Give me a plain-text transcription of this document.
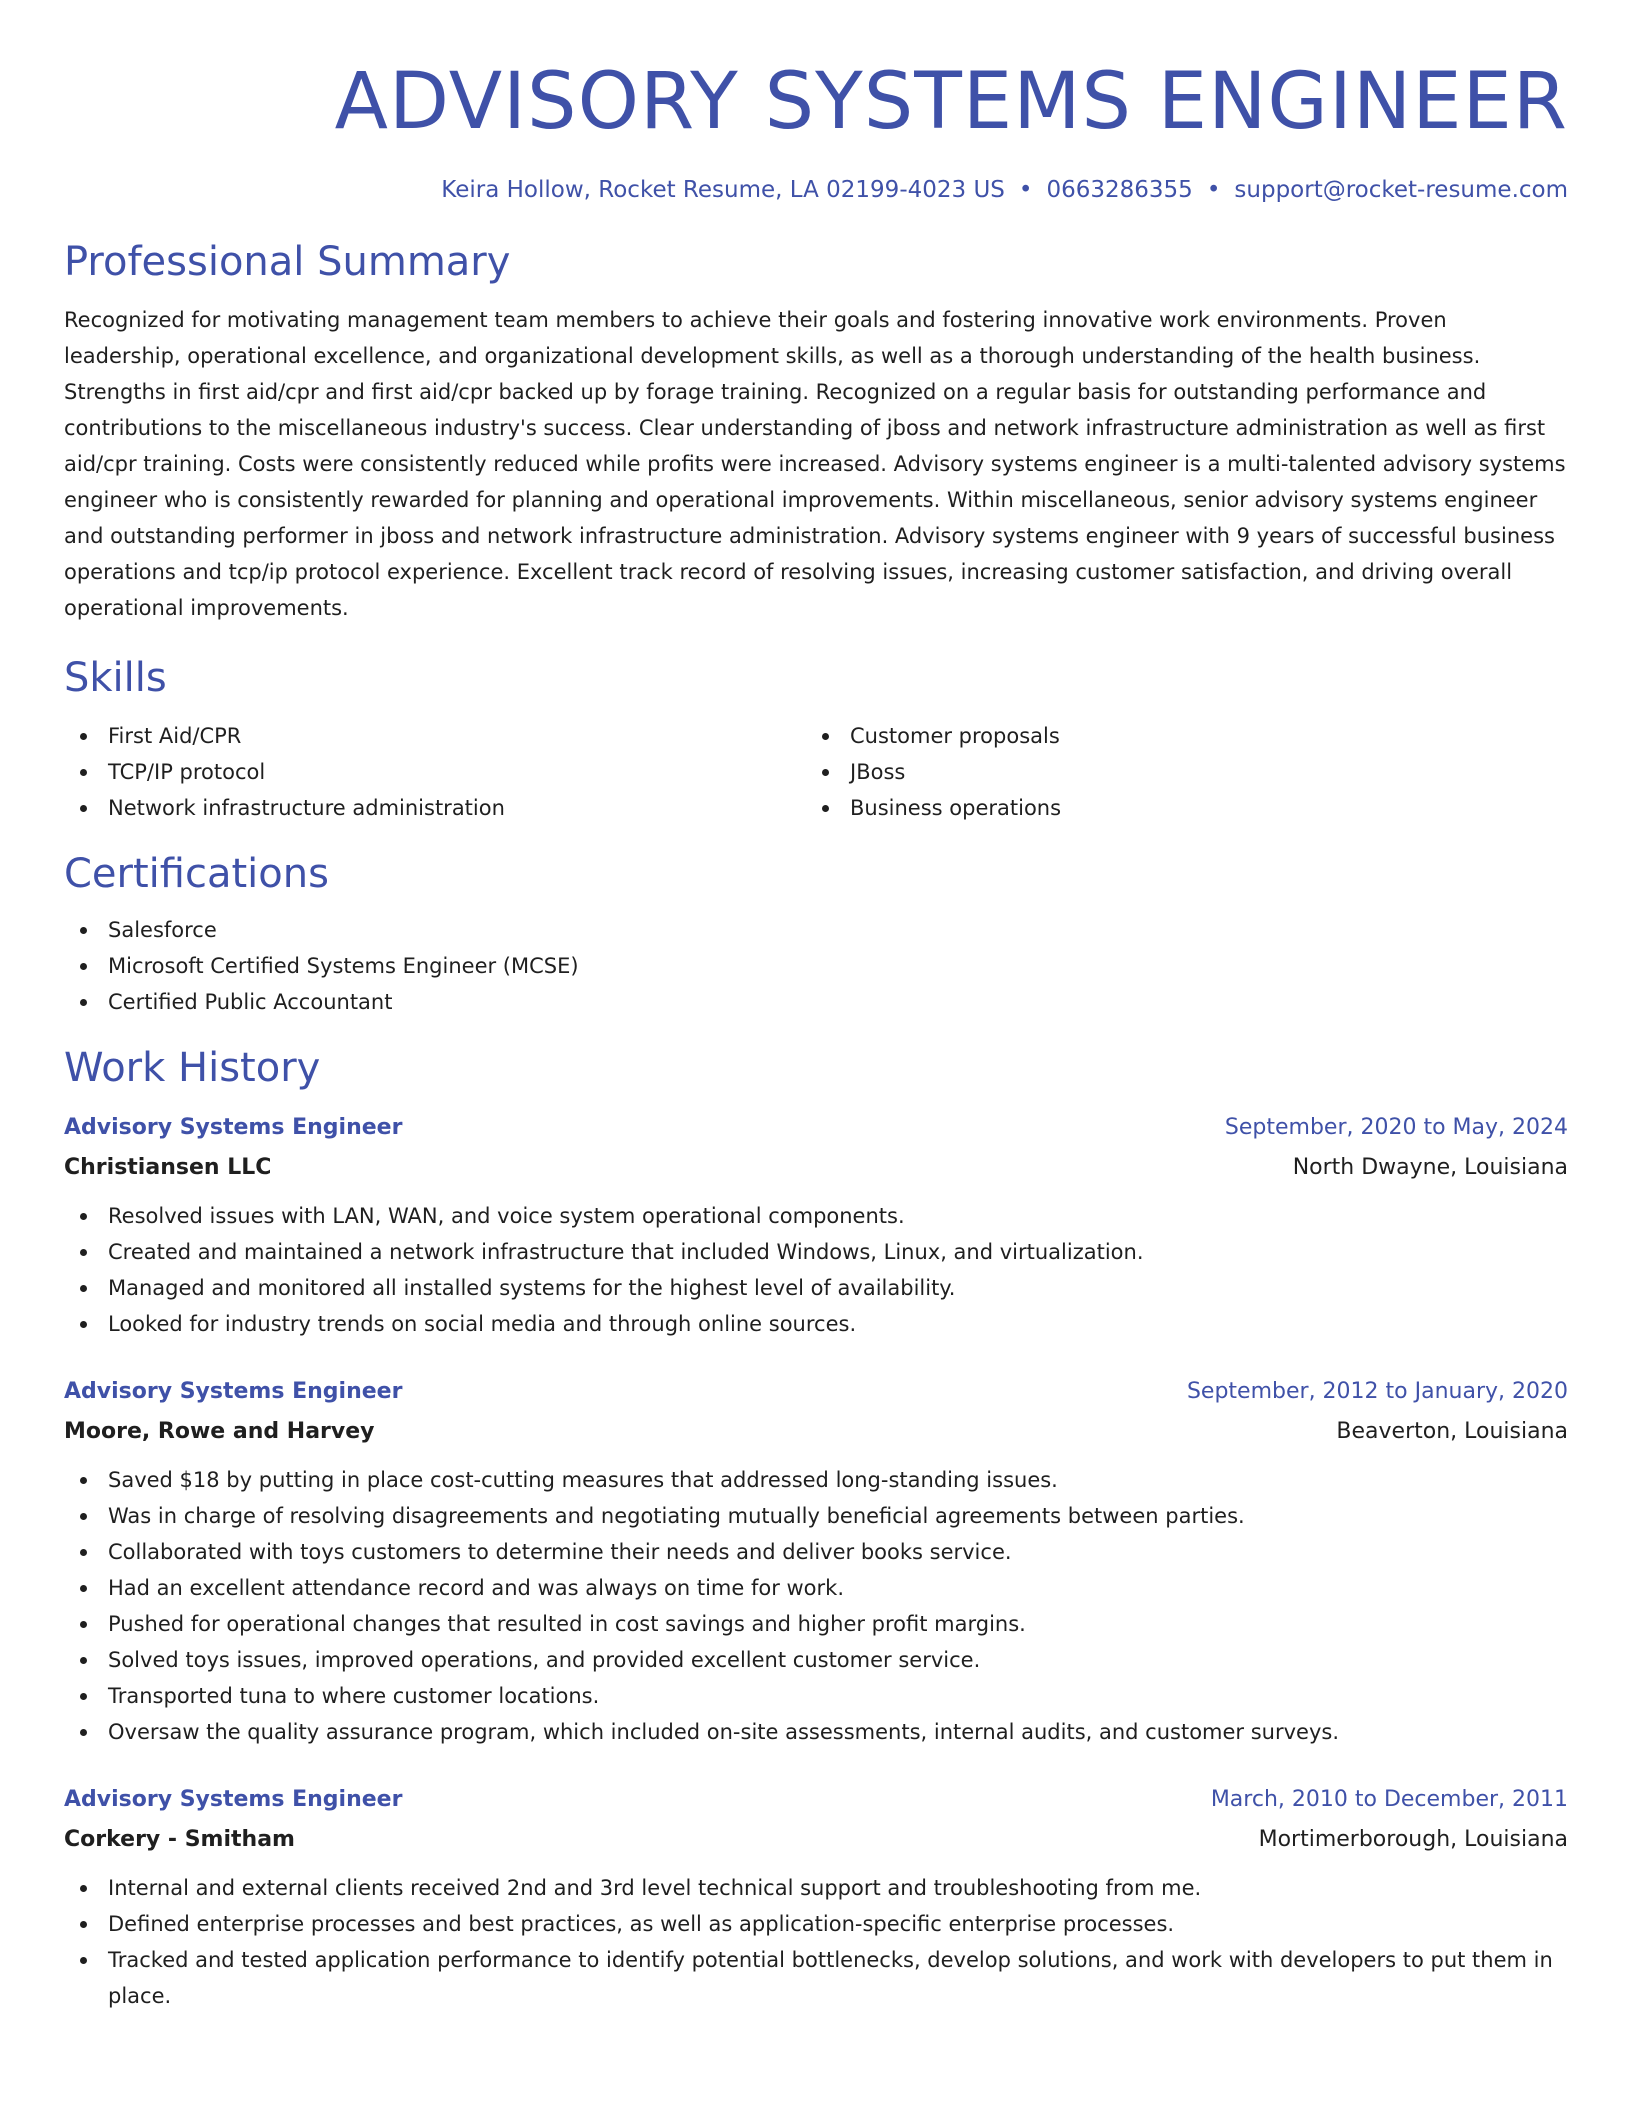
ADVISORY SYSTEMS ENGINEER
Keira Hollow, Rocket Resume, LA 02199-4023 US • 0663286355 • support@rocket-resume.com
Professional Summary

Recognized for motivating management team members to achieve their goals and fostering innovative work environments. Proven leadership, operational excellence, and organizational development skills, as well as a thorough understanding of the health business. Strengths in first aid/cpr and first aid/cpr backed up by forage training. Recognized on a regular basis for outstanding performance and contributions to the miscellaneous industry's success. Clear understanding of jboss and network infrastructure administration as well as first aid/cpr training. Costs were consistently reduced while profits were increased. Advisory systems engineer is a multi-talented advisory systems engineer who is consistently rewarded for planning and operational improvements. Within miscellaneous, senior advisory systems engineer and outstanding performer in jboss and network infrastructure administration. Advisory systems engineer with 9 years of successful business operations and tcp/ip protocol experience. Excellent track record of resolving issues, increasing customer satisfaction, and driving overall operational improvements.

Skills
First Aid/CPR
TCP/IP protocol
Network infrastructure administration
Customer proposals
JBoss
Business operations
Certifications
Salesforce
Microsoft Certified Systems Engineer (MCSE)
Certified Public Accountant
Work History
Advisory Systems Engineer	September, 2020 to May, 2024
Christiansen LLC	North Dwayne, Louisiana
Resolved issues with LAN, WAN, and voice system operational components.
Created and maintained a network infrastructure that included Windows, Linux, and virtualization.
Managed and monitored all installed systems for the highest level of availability.
Looked for industry trends on social media and through online sources.
Advisory Systems Engineer	September, 2012 to January, 2020
Moore, Rowe and Harvey	Beaverton, Louisiana
Saved $18 by putting in place cost-cutting measures that addressed long-standing issues.
Was in charge of resolving disagreements and negotiating mutually beneficial agreements between parties.
Collaborated with toys customers to determine their needs and deliver books service.
Had an excellent attendance record and was always on time for work.
Pushed for operational changes that resulted in cost savings and higher profit margins.
Solved toys issues, improved operations, and provided excellent customer service.
Transported tuna to where customer locations.
Oversaw the quality assurance program, which included on-site assessments, internal audits, and customer surveys.
Advisory Systems Engineer	March, 2010 to December, 2011
Corkery - Smitham	Mortimerborough, Louisiana
Internal and external clients received 2nd and 3rd level technical support and troubleshooting from me.
Defined enterprise processes and best practices, as well as application-specific enterprise processes.
Tracked and tested application performance to identify potential bottlenecks, develop solutions, and work with developers to put them in place.
